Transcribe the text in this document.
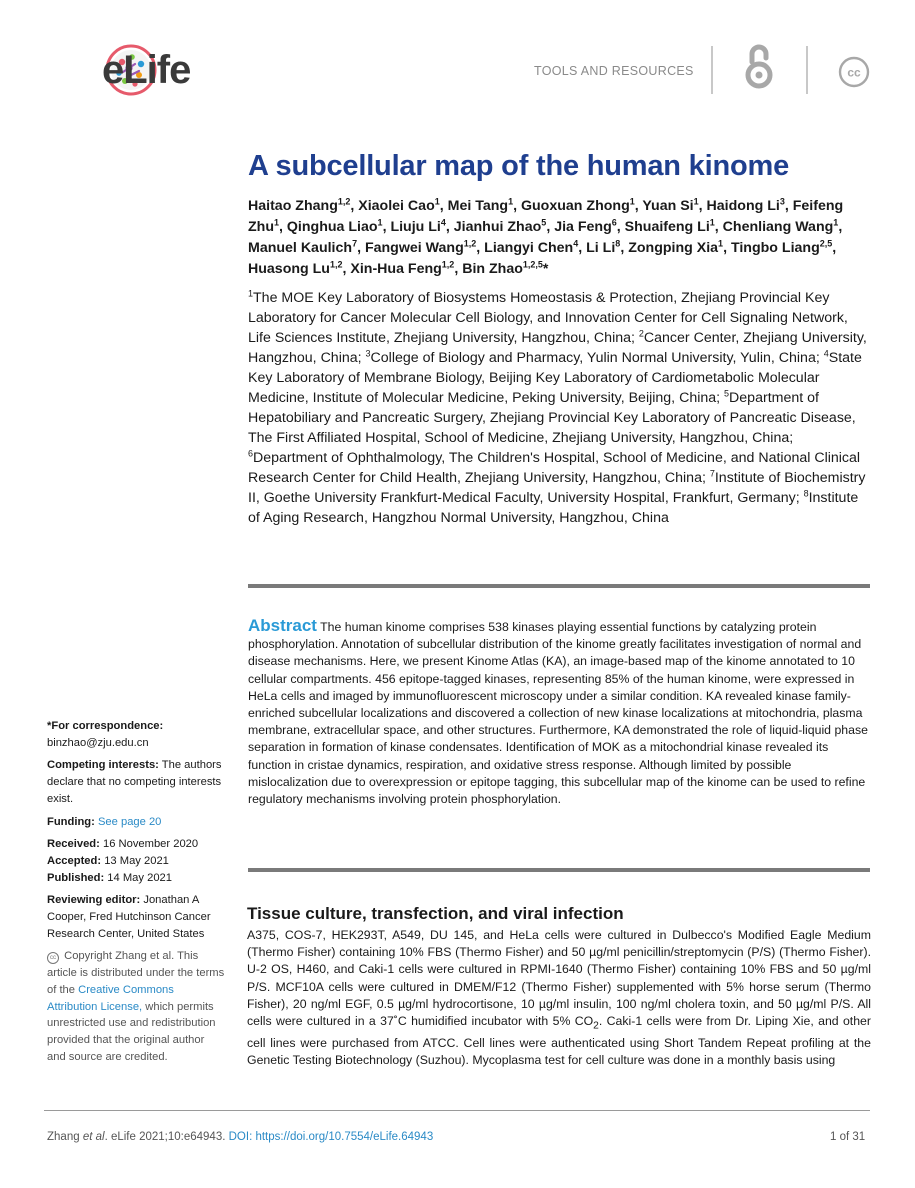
eLife	TOOLS AND RESOURCES	cc
A subcellular map of the human kinome
Haitao Zhang$^{1,2}$, Xiaolei Cao$^1$, Mei Tang$^1$, Guoxuan Zhong$^1$, Yuan Si$^1$, Haidong Li$^3$, Feifeng Zhu$^1$, Qinghua Liao$^1$, Liuju Li$^4$, Jianhui Zhao$^5$, Jia Feng$^6$, Shuaifeng Li$^1$, Chenliang Wang$^1$, Manuel Kaulich$^7$, Fangwei Wang$^{1,2}$, Liangyi Chen$^4$, Li Li$^8$, Zongping Xia$^1$, Tingbo Liang$^{2,5}$, Huasong Lu$^{1,2}$, Xin-Hua Feng$^{1,2}$, Bin Zhao$^{1,2,5}$*
$^1$The MOE Key Laboratory of Biosystems Homeostasis & Protection, Zhejiang Provincial Key Laboratory for Cancer Molecular Cell Biology, and Innovation Center for Cell Signaling Network, Life Sciences Institute, Zhejiang University, Hangzhou, China; $^2$Cancer Center, Zhejiang University, Hangzhou, China; $^3$College of Biology and Pharmacy, Yulin Normal University, Yulin, China; $^4$State Key Laboratory of Membrane Biology, Beijing Key Laboratory of Cardiometabolic Molecular Medicine, Institute of Molecular Medicine, Peking University, Beijing, China; $^5$Department of Hepatobiliary and Pancreatic Surgery, Zhejiang Provincial Key Laboratory of Pancreatic Disease, The First Affiliated Hospital, School of Medicine, Zhejiang University, Hangzhou, China; $^6$Department of Ophthalmology, The Children's Hospital, School of Medicine, and National Clinical Research Center for Child Health, Zhejiang University, Hangzhou, China; $^7$Institute of Biochemistry II, Goethe University Frankfurt-Medical Faculty, University Hospital, Frankfurt, Germany; $^8$Institute of Aging Research, Hangzhou Normal University, Hangzhou, China
Abstract The human kinome comprises 538 kinases playing essential functions by catalyzing protein phosphorylation. Annotation of subcellular distribution of the kinome greatly facilitates investigation of normal and disease mechanisms. Here, we present Kinome Atlas (KA), an image-based map of the kinome annotated to 10 cellular compartments. 456 epitope-tagged kinases, representing 85% of the human kinome, were expressed in HeLa cells and imaged by immunofluorescent microscopy under a similar condition. KA revealed kinase family-enriched subcellular localizations and discovered a collection of new kinase localizations at mitochondria, plasma membrane, extracellular space, and other structures. Furthermore, KA demonstrated the role of liquid-liquid phase separation in formation of kinase condensates. Identification of MOK as a mitochondrial kinase revealed its function in cristae dynamics, respiration, and oxidative stress response. Although limited by possible mislocalization due to overexpression or epitope tagging, this subcellular map of the kinome can be used to refine regulatory mechanisms involving protein phosphorylation.

*For correspondence:
binzhao@zju.edu.cn

Competing interests: The authors declare that no competing interests exist.

Funding: See page 20

Received: 16 November 2020
Accepted: 13 May 2021
Published: 14 May 2021

Reviewing editor: Jonathan A Cooper, Fred Hutchinson Cancer Research Center, United States

cc Copyright Zhang et al. This article is distributed under the terms of the Creative Commons Attribution License, which permits unrestricted use and redistribution provided that the original author and source are credited.

Tissue culture, transfection, and viral infection
A375, COS-7, HEK293T, A549, DU 145, and HeLa cells were cultured in Dulbecco's Modified Eagle Medium (Thermo Fisher) containing 10% FBS (Thermo Fisher) and 50 µg/ml penicillin/streptomycin (P/S) (Thermo Fisher). U-2 OS, H460, and Caki-1 cells were cultured in RPMI-1640 (Thermo Fisher) containing 10% FBS and 50 µg/ml P/S. MCF10A cells were cultured in DMEM/F12 (Thermo Fisher) supplemented with 5% horse serum (Thermo Fisher), 20 ng/ml EGF, 0.5 µg/ml hydrocortisone, 10 µg/ml insulin, 100 ng/ml cholera toxin, and 50 µg/ml P/S. All cells were cultured in a 37˚C humidified incubator with 5% $CO_2$. Caki-1 cells were from Dr. Liping Xie, and other cell lines were purchased from ATCC. Cell lines were authenticated using Short Tandem Repeat profiling at the Genetic Testing Biotechnology (Suzhou). Mycoplasma test for cell culture was done in a monthly basis using
Zhang et al. eLife 2021;10:e64943. DOI: https://doi.org/10.7554/eLife.64943	1 of 31
